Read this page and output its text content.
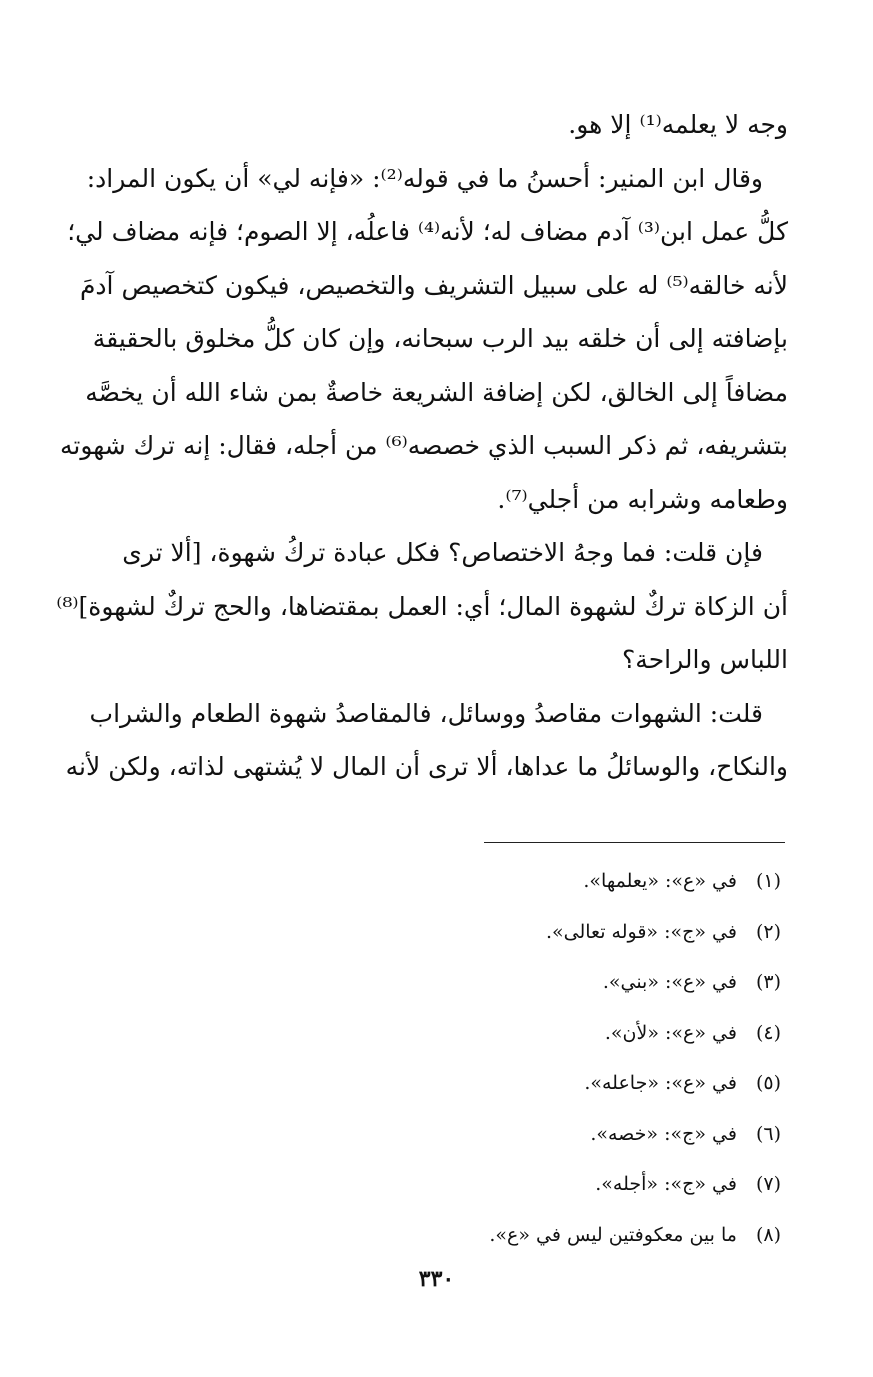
وجه لا يعلمه⁽¹⁾ إلا هو.
وقال ابن المنير: أحسنُ ما في قوله⁽²⁾: «فإنه لي» أن يكون المراد:
كلُّ عمل ابن⁽³⁾ آدم مضاف له؛ لأنه⁽⁴⁾ فاعلُه، إلا الصوم؛ فإنه مضاف لي؛
لأنه خالقه⁽⁵⁾ له على سبيل التشريف والتخصيص، فيكون كتخصيص آدمَ
بإضافته إلى أن خلقه بيد الرب سبحانه، وإن كان كلُّ مخلوق بالحقيقة
مضافاً إلى الخالق، لكن إضافة الشريعة خاصةٌ بمن شاء الله أن يخصَّه
بتشريفه، ثم ذكر السبب الذي خصصه⁽⁶⁾ من أجله، فقال: إنه ترك شهوته
وطعامه وشرابه من أجلي⁽⁷⁾.
فإن قلت: فما وجهُ الاختصاص؟ فكل عبادة تركُ شهوة، [ألا ترى
أن الزكاة تركٌ لشهوة المال؛ أي: العمل بمقتضاها، والحج تركٌ لشهوة]⁽⁸⁾
اللباس والراحة؟
قلت: الشهوات مقاصدُ ووسائل، فالمقاصدُ شهوة الطعام والشراب
والنكاح، والوسائلُ ما عداها، ألا ترى أن المال لا يُشتهى لذاته، ولكن لأنه
(١) في «ع»: «يعلمها».
(٢) في «ج»: «قوله تعالى».
(٣) في «ع»: «بني».
(٤) في «ع»: «لأن».
(٥) في «ع»: «جاعله».
(٦) في «ج»: «خصه».
(٧) في «ج»: «أجله».
(٨) ما بين معكوفتين ليس في «ع».
٣٣٠
